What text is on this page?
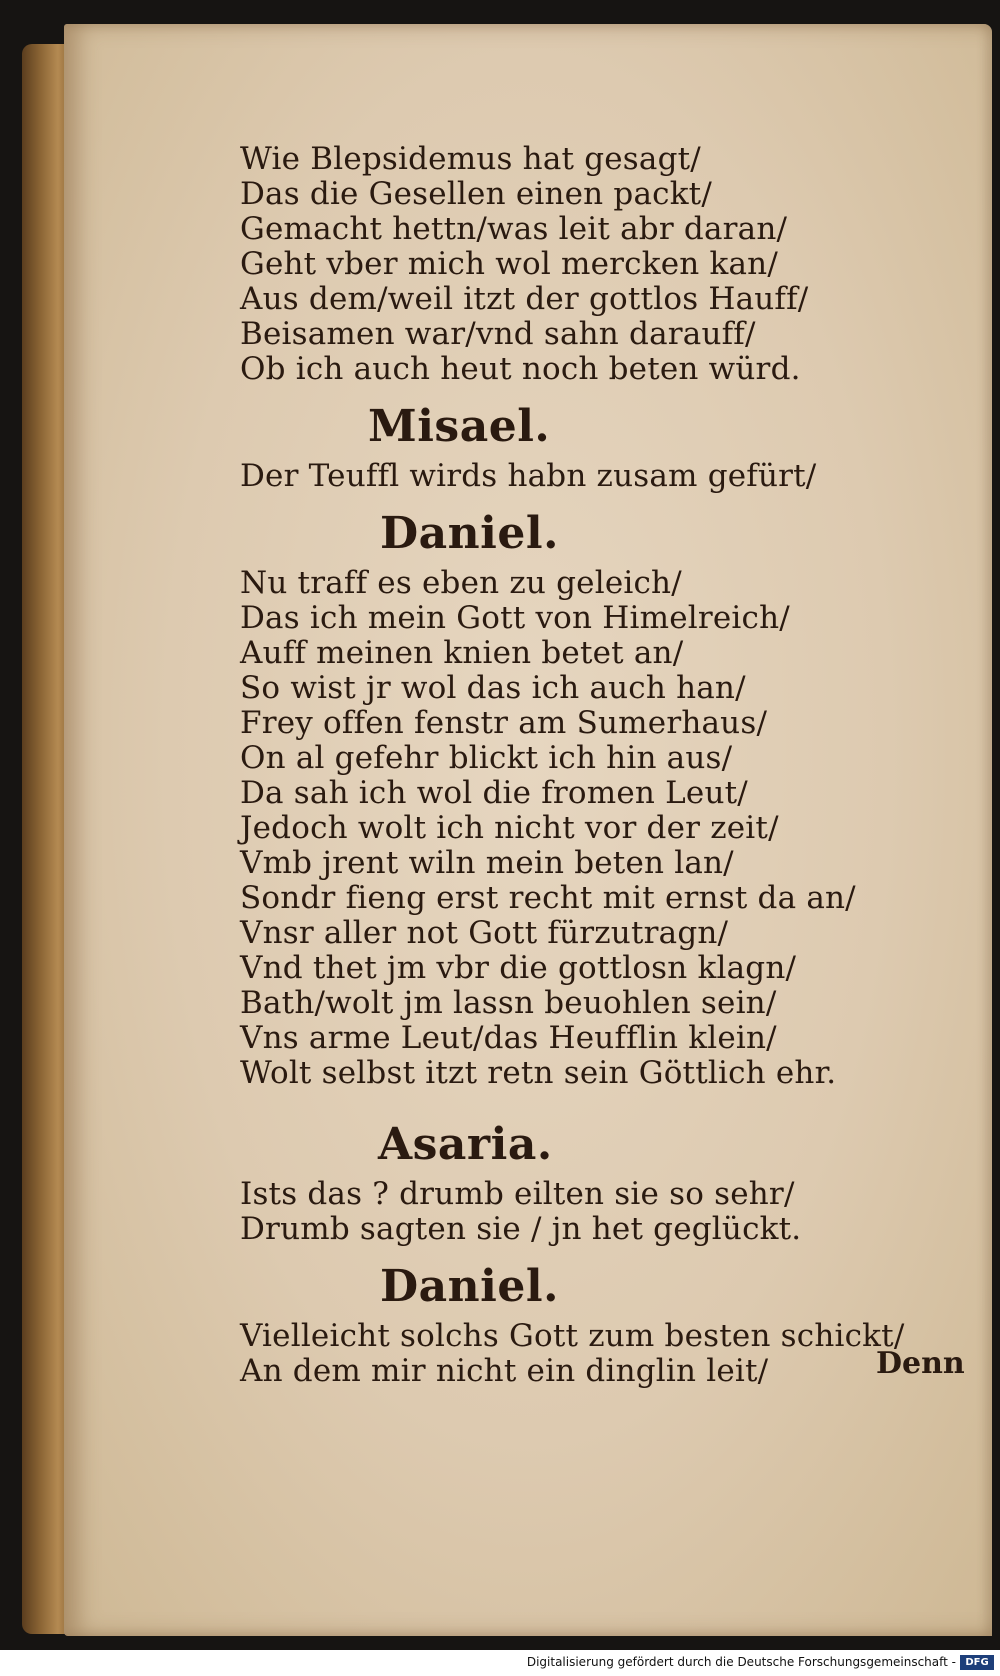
Wie Blepsidemus hat gesagt/
Das die Gesellen einen packt/
Gemacht hettn/was leit abr daran/
Geht vber mich wol mercken kan/
Aus dem/weil itzt der gottlos Hauff/
Beisamen war/vnd sahn darauff/
Ob ich auch heut noch beten würd.
Misael.
Der Teuffl wirds habn zusam gefürt/
Daniel.
Nu traff es eben zu geleich/
Das ich mein Gott von Himelreich/
Auff meinen knien betet an/
So wist jr wol das ich auch han/
Frey offen fenstr am Sumerhaus/
On al gefehr blickt ich hin aus/
Da sah ich wol die fromen Leut/
Jedoch wolt ich nicht vor der zeit/
Vmb jrent wiln mein beten lan/
Sondr fieng erst recht mit ernst da an/
Vnsr aller not Gott fürzutragn/
Vnd thet jm vbr die gottlosn klagn/
Bath/wolt jm lassn beuohlen sein/
Vns arme Leut/das Heufflin klein/
Wolt selbst itzt retn sein Göttlich ehr.
Asaria.
Ists das ? drumb eilten sie so sehr/
Drumb sagten sie / jn het geglückt.
Daniel.
Vielleicht solchs Gott zum besten schickt/
An dem mir nicht ein dinglin leit/	Denn
Digitalisierung gefördert durch die Deutsche Forschungsgemeinschaft - DFG
